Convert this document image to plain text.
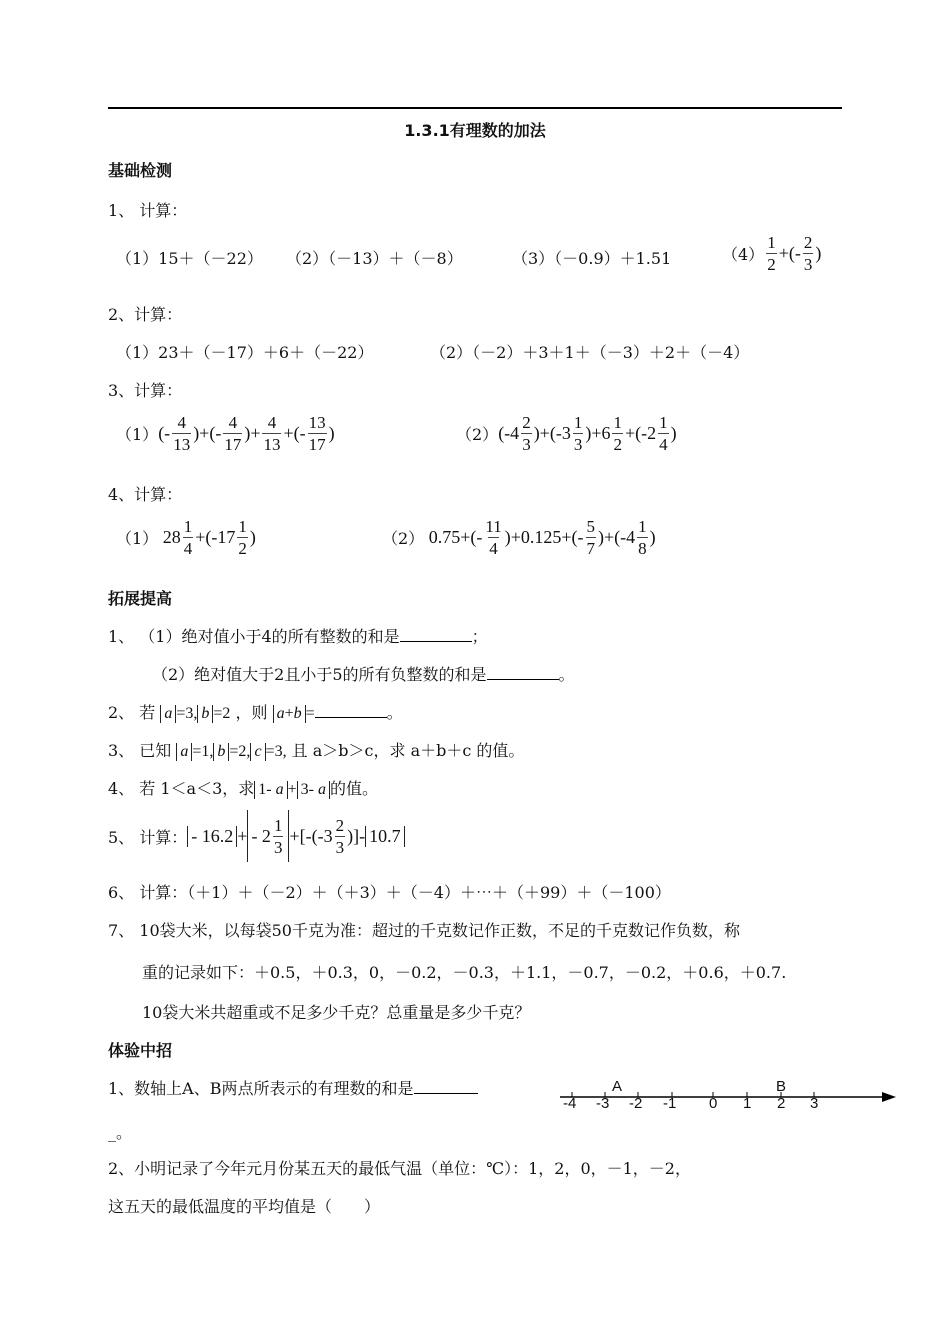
1.3.1有理数的加法
基础检测
1、 计算：
（1）15＋（－22） （2）（－13）＋（－8）	（3）（－0.9）＋1.51	（4）
1
2
+(-
2
3
)
2、计算：
（1）23＋（－17）＋6＋（－22）	（2）（－2）＋3＋1＋（－3）＋2＋（－4）
3、计算：
（1） (-
4
13
)+(-
4
17
)+
4
13
+(-
13
17
)	（2） (-4
2
3
)+(-3
1
3
)+6
1
2
+(-2
1
4
)
4、计算：
（1） 28
1
4
+(-17
1
2
)	（2） 0.75+(-
11
4
)+0.125+(-
5
7
)+(-4
1
8
)
拓展提高
1、 （1）绝对值小于4的所有整数的和是	；
（2）绝对值大于2且小于5的所有负整数的和是	。
2、 若 a =3, b =2 ，则 a+b =	。
3、 已知 a =1, b =2, c =3, 且 a＞b＞c，求 a＋b＋c 的值。
4、 若 1＜a＜3，求 1- a + 3- a 的值。
5、 计算： - 16.2 + - 2
1
3
+[-(-3
2
3
)]- 10.7
6、 计算：（＋1）＋（－2）＋（＋3）＋（－4）＋⋯＋（＋99）＋（－100）
7、 10袋大米，以每袋50千克为准：超过的千克数记作正数，不足的千克数记作负数，称
重的记录如下：＋0.5，＋0.3，0，－0.2，－0.3，＋1.1，－0.7，－0.2，＋0.6，＋0.7.
10袋大米共超重或不足多少千克？总重量是多少千克？
体验中招
1、数轴上A、B两点所表示的有理数的和是
_。
A	B
-4 -3 -2 -1 0 1 2 3
2、小明记录了今年元月份某五天的最低气温（单位：℃）：1，2，0，－1，－2，
这五天的最低温度的平均值是（　　）
